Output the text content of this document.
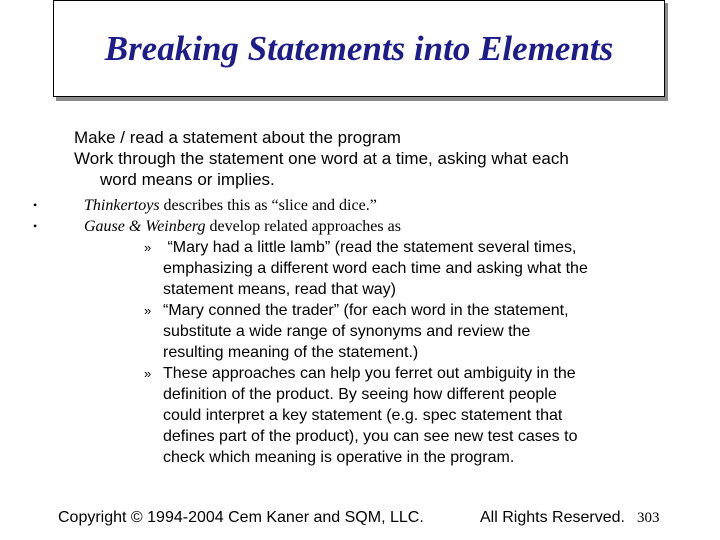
Breaking Statements into Elements
Make / read a statement about the program
Work through the statement one word at a time, asking what each
word means or implies.
•	Thinkertoys describes this as “slice and dice.”
•	Gause & Weinberg develop related approaches as
» “Mary had a little lamb” (read the statement several times,
emphasizing a different word each time and asking what the
statement means, read that way)
» “Mary conned the trader” (for each word in the statement,
substitute a wide range of synonyms and review the
resulting meaning of the statement.)
» These approaches can help you ferret out ambiguity in the
definition of the product. By seeing how different people
could interpret a key statement (e.g. spec statement that
defines part of the product), you can see new test cases to
check which meaning is operative in the program.
Copyright © 1994-2004 Cem Kaner and SQM, LLC.	All Rights Reserved. 303
